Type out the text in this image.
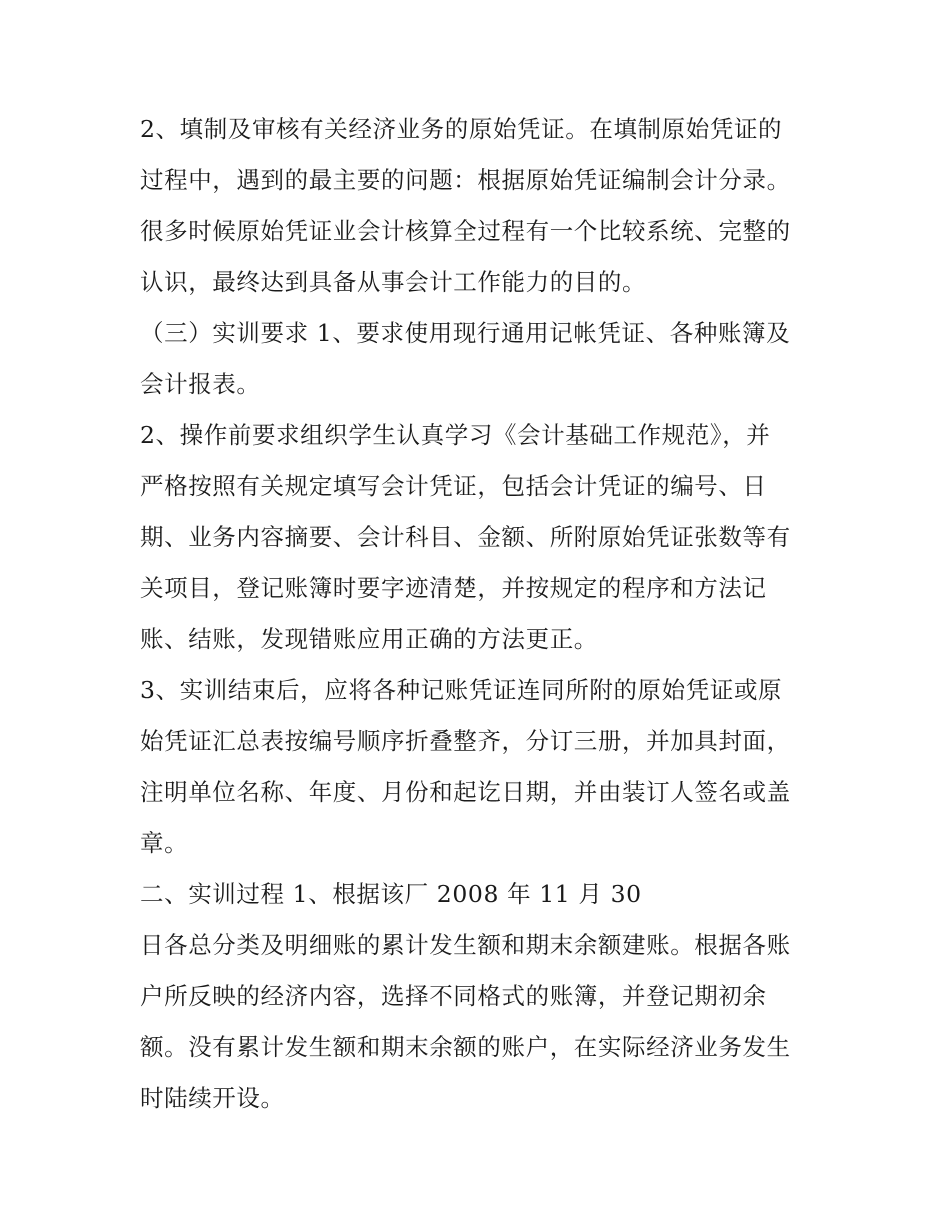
2、填制及审核有关经济业务的原始凭证。在填制原始凭证的
过程中，遇到的最主要的问题：根据原始凭证编制会计分录。
很多时候原始凭证业会计核算全过程有一个比较系统、完整的
认识，最终达到具备从事会计工作能力的目的。
（三）实训要求 1、要求使用现行通用记帐凭证、各种账簿及
会计报表。
2、操作前要求组织学生认真学习《会计基础工作规范》，并
严格按照有关规定填写会计凭证，包括会计凭证的编号、日
期、业务内容摘要、会计科目、金额、所附原始凭证张数等有
关项目，登记账簿时要字迹清楚，并按规定的程序和方法记
账、结账，发现错账应用正确的方法更正。
3、实训结束后，应将各种记账凭证连同所附的原始凭证或原
始凭证汇总表按编号顺序折叠整齐，分订三册，并加具封面，
注明单位名称、年度、月份和起讫日期，并由装订人签名或盖
章。
二、实训过程 1、根据该厂 2008 年 11 月 30
日各总分类及明细账的累计发生额和期末余额建账。根据各账
户所反映的经济内容，选择不同格式的账簿，并登记期初余
额。没有累计发生额和期末余额的账户，在实际经济业务发生
时陆续开设。
